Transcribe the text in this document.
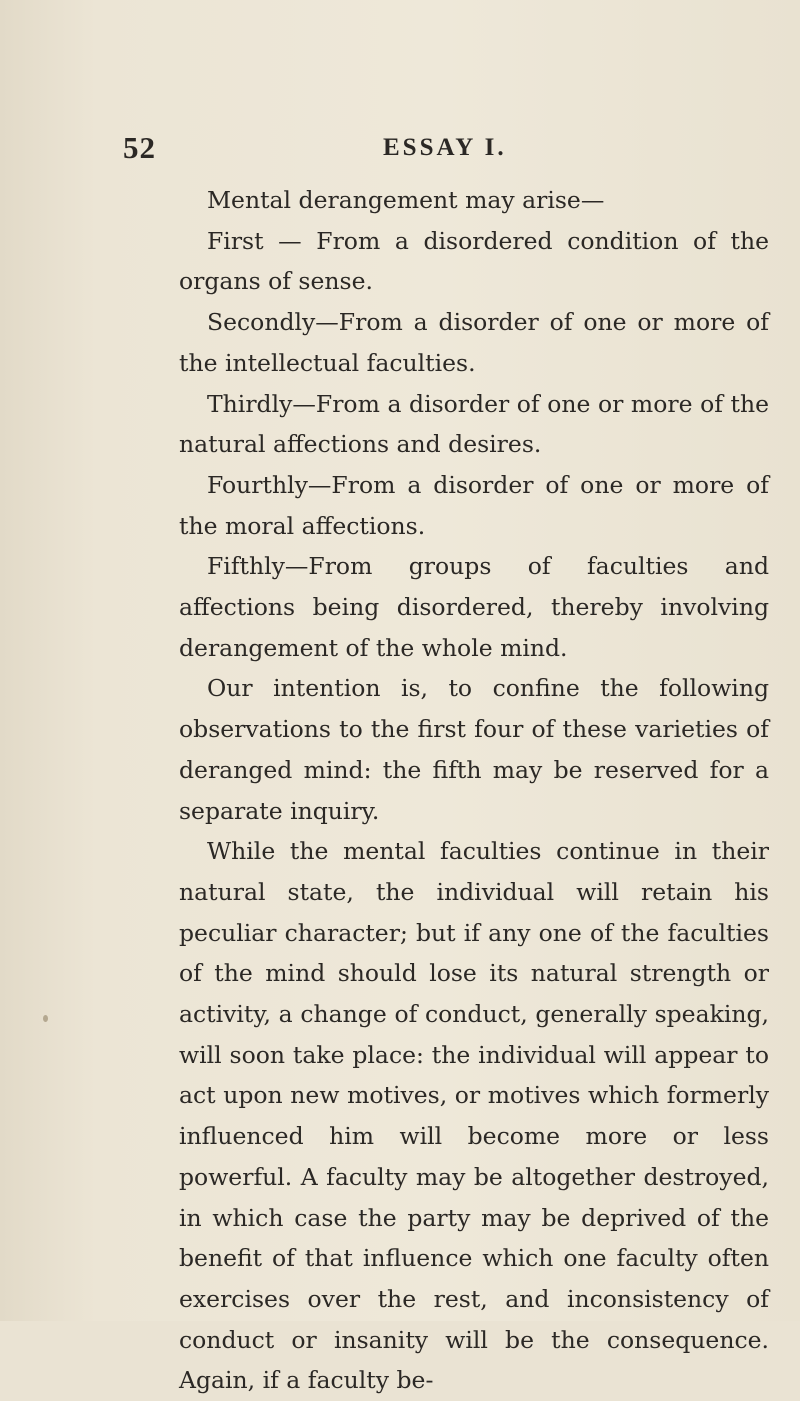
52	ESSAY I.

Mental derangement may arise—

First — From a disordered condition of the organs of sense.

Secondly—From a disorder of one or more of the intellectual faculties.

Thirdly—From a disorder of one or more of the natural affections and desires.

Fourthly—From a disorder of one or more of the moral affections.

Fifthly—From groups of faculties and affections being disordered, thereby involving derangement of the whole mind.

Our intention is, to confine the following observations to the first four of these varieties of deranged mind: the fifth may be reserved for a separate inquiry.

While the mental faculties continue in their natural state, the individual will retain his peculiar character; but if any one of the faculties of the mind should lose its natural strength or activity, a change of conduct, generally speaking, will soon take place: the individual will appear to act upon new motives, or motives which formerly influenced him will become more or less powerful. A faculty may be altogether destroyed, in which case the party may be deprived of the benefit of that influence which one faculty often exercises over the rest, and inconsistency of conduct or insanity will be the consequence. Again, if a faculty be-
